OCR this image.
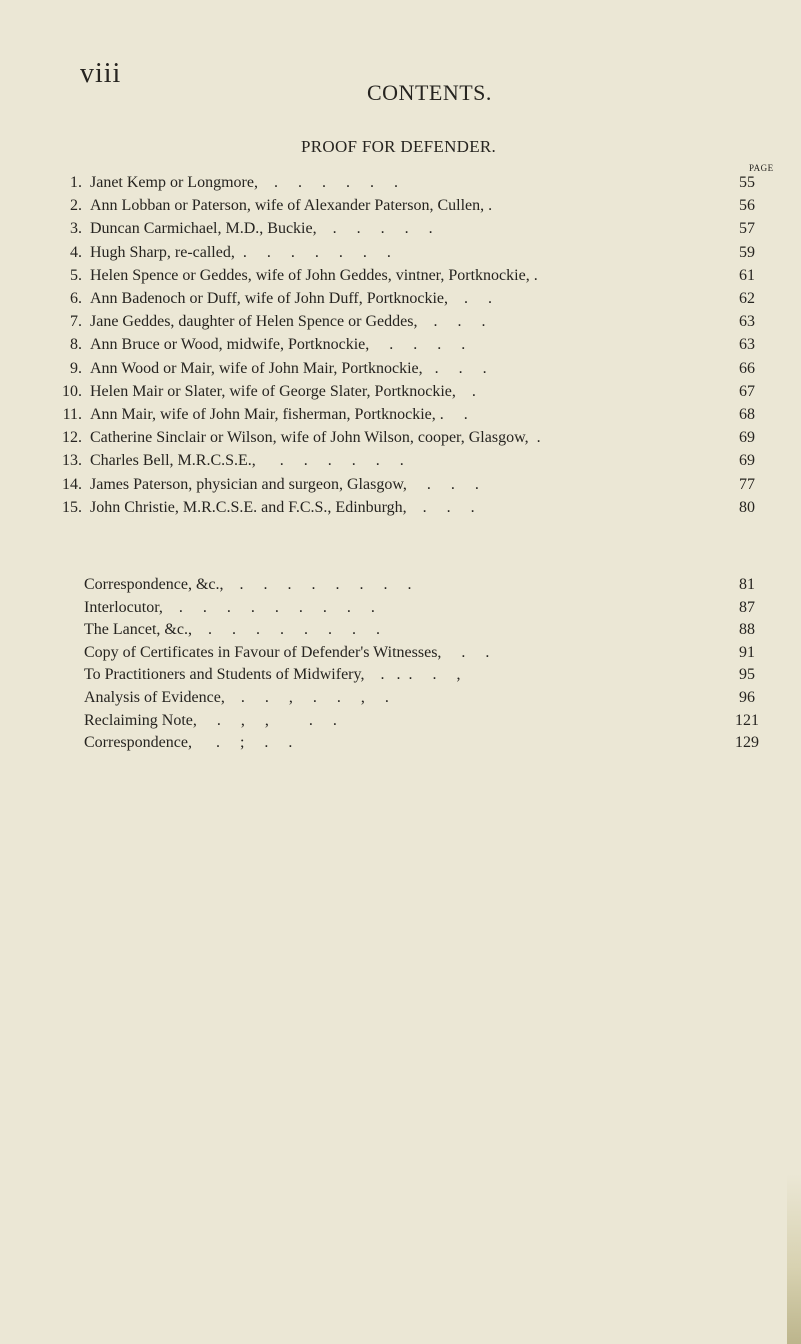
viii
CONTENTS.
PROOF FOR DEFENDER.
PAGE
1. Janet Kemp or Longmore,    .     .     .     .     .     .	55
2. Ann Lobban or Paterson, wife of Alexander Paterson, Cullen, .	56
3. Duncan Carmichael, M.D., Buckie,    .     .     .     .     .	57
4. Hugh Sharp, re-called,  .     .     .     .     .     .     .	59
5. Helen Spence or Geddes, wife of John Geddes, vintner, Portknockie, .	61
6. Ann Badenoch or Duff, wife of John Duff, Portknockie,    .     .	62
7. Jane Geddes, daughter of Helen Spence or Geddes,    .     .     .	63
8. Ann Bruce or Wood, midwife, Portknockie,     .     .     .     .	63
9. Ann Wood or Mair, wife of John Mair, Portknockie,   .     .     .	66
10. Helen Mair or Slater, wife of George Slater, Portknockie,    .	67
11. Ann Mair, wife of John Mair, fisherman, Portknockie, .     .	68
12. Catherine Sinclair or Wilson, wife of John Wilson, cooper, Glasgow,  .	69
13. Charles Bell, M.R.C.S.E.,      .     .     .     .     .     .	69
14. James Paterson, physician and surgeon, Glasgow,     .     .     .	77
15. John Christie, M.R.C.S.E. and F.C.S., Edinburgh,    .     .     .	80
Correspondence, &c.,    .     .     .     .     .     .     .     .	81
Interlocutor,    .     .     .     .     .     .     .     .     .	87
The Lancet, &c.,    .     .     .     .     .     .     .     .	88
Copy of Certificates in Favour of Defender's Witnesses,     .     .	91
To Practitioners and Students of Midwifery,    .   .  .     .     ,	95
Analysis of Evidence,    .     .     ,     .     .     ,     .	96
Reclaiming Note,     .     ,     ,          .     .	121
Correspondence,      .     ;     .     .	129
